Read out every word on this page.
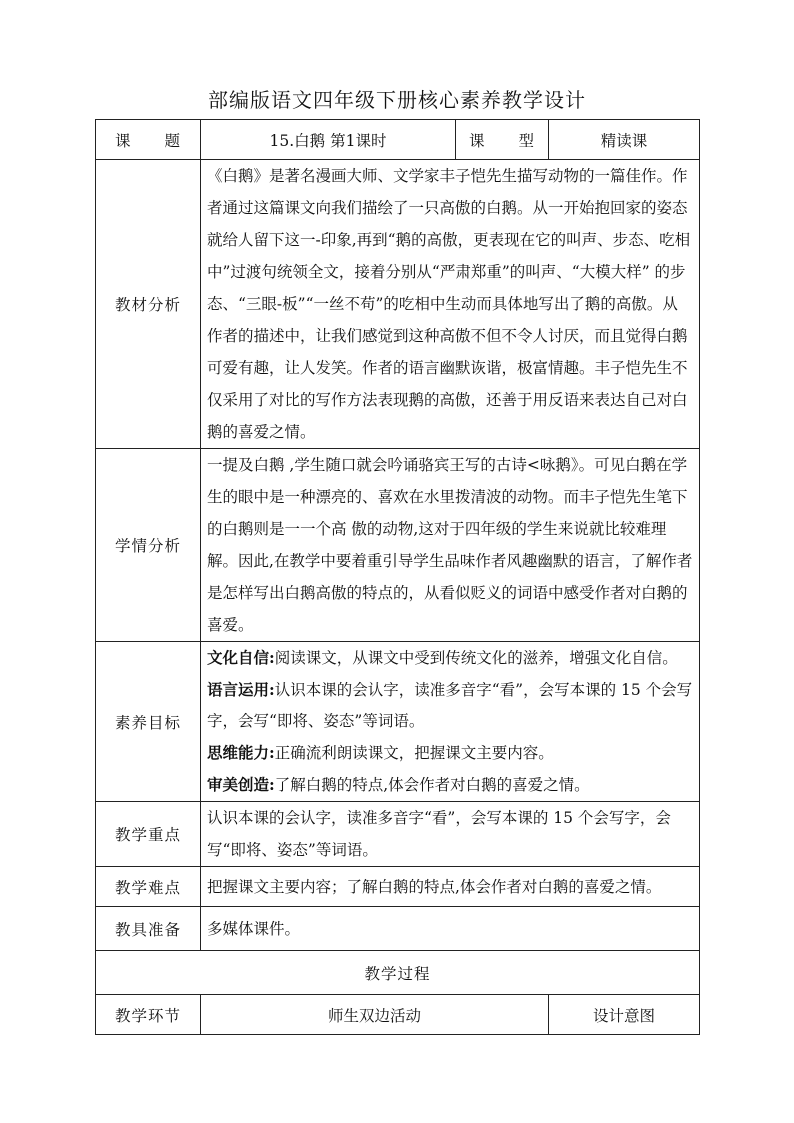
部编版语文四年级下册核心素养教学设计
课　　题	15.白鹅 第1课时	课　　型	精读课
教材分析	《白鹅》是著名漫画大师、文学家丰子恺先生描写动物的一篇佳作。作者通过这篇课文向我们描绘了一只高傲的白鹅。从一开始抱回家的姿态就给人留下这一-印象,再到“鹅的高傲，更表现在它的叫声、步态、吃相中”过渡句统领全文，接着分别从“严肃郑重”的叫声、“大模大样” 的步态、“三眼-板”“一丝不苟”的吃相中生动而具体地写出了鹅的高傲。从作者的描述中，让我们感觉到这种高傲不但不令人讨厌，而且觉得白鹅可爱有趣，让人发笑。作者的语言幽默诙谐，极富情趣。丰子恺先生不仅采用了对比的写作方法表现鹅的高傲，还善于用反语来表达自己对白鹅的喜爱之情。		

学情分析	一提及白鹅 ,学生随口就会吟诵骆宾王写的古诗<咏鹅》。可见白鹅在学生的眼中是一种漂亮的、喜欢在水里拨清波的动物。而丰子恺先生笔下的白鹅则是一一个高 傲的动物,这对于四年级的学生来说就比较难理解。因此,在教学中要着重引导学生品味作者风趣幽默的语言，了解作者是怎样写出白鹅高傲的特点的，从看似贬义的词语中感受作者对白鹅的喜爱。		

素养目标	文化自信:阅读课文，从课文中受到传统文化的滋养，增强文化自信。

语言运用:认识本课的会认字，读准多音字“看”，会写本课的 15 个会写字，会写“即将、姿态”等词语。

思维能力:正确流利朗读课文，把握课文主要内容。

审美创造:了解白鹅的特点,体会作者对白鹅的喜爱之情。		

教学重点	认识本课的会认字，读准多音字“看”，会写本课的 15 个会写字，会写“即将、姿态”等词语。		

教学难点	把握课文主要内容；了解白鹅的特点,体会作者对白鹅的喜爱之情。		

教具准备	多媒体课件。		

教学过程			
教学环节	师生双边活动		设计意图
